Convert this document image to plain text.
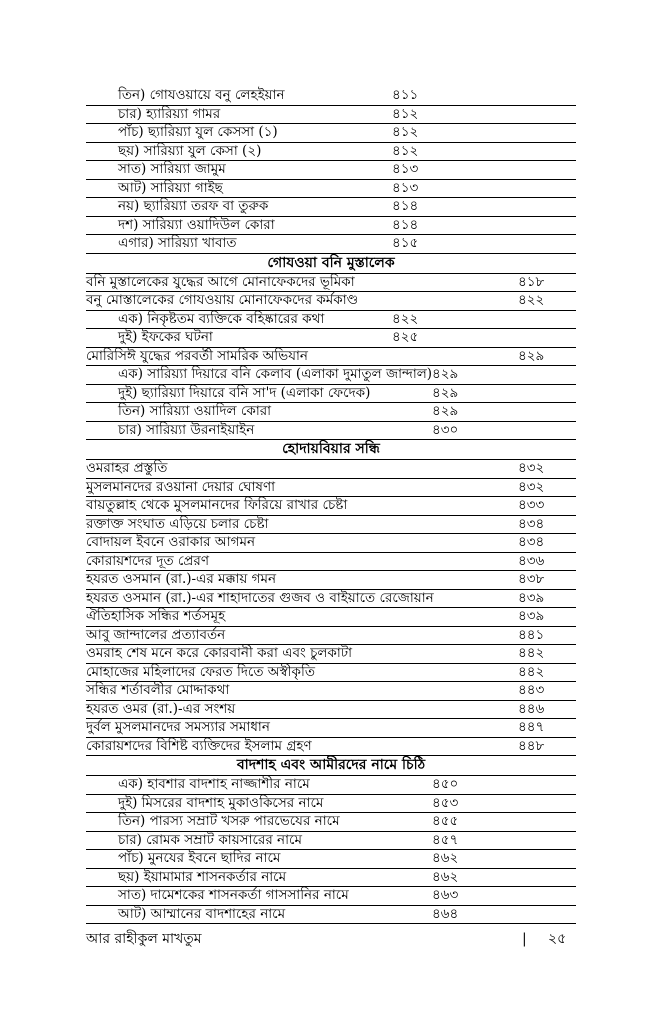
তিন) গোযওয়ায়ে বনু লেহইয়ান	৪১১
চার) হ্যারিয়্যা গামর	৪১২
পাঁচ) ছ্যারিয়্যা যুল কেসসা (১)	৪১২
ছয়) সারিয়্যা যুল কেসা (২)	৪১২
সাত) সারিয়্যা জামুম	৪১৩
আট) সারিয়্যা গাইছ	৪১৩
নয়) ছ্যারিয়্যা তরফ বা তুরুক	৪১৪
দশ) সারিয়্যা ওয়াদিউল কোরা	৪১৪
এগার) সারিয়্যা খাবাত	৪১৫
গোযওয়া বনি মুস্তালেক
বনি মুস্তালেকের যুদ্ধের আগে মোনাফেকদের ভূমিকা	৪১৮
বনু মোস্তালেকের গোযওয়ায় মোনাফেকদের কর্মকাণ্ড	৪২২
এক) নিকৃষ্টতম ব্যক্তিকে বহিষ্কারের কথা	৪২২
দুই) ইফকের ঘটনা	৪২৫
মোরিসিঈ যুদ্ধের পরবর্তী সামরিক অভিযান	৪২৯
এক) সারিয়্যা দিয়ারে বনি কেলাব (এলাকা দুমাতুল জান্দাল) ৪২৯
দুই) ছ্যারিয়্যা দিয়ারে বনি সা'দ (এলাকা ফেদেক)	৪২৯
তিন) সারিয়্যা ওয়াদিল কোরা	৪২৯
চার) সারিয়্যা উরনাইয়াইন	৪৩০
হোদায়বিয়ার সন্ধি
ওমরাহর প্রস্তুতি	৪৩২
মুসলমানদের রওয়ানা দেয়ার ঘোষণা	৪৩২
বায়তুল্লাহ থেকে মুসলমানদের ফিরিয়ে রাখার চেষ্টা	৪৩৩
রক্তাক্ত সংঘাত এড়িয়ে চলার চেষ্টা	৪৩৪
বোদায়ল ইবনে ওরাকার আগমন	৪৩৪
কোরায়শদের দূত প্রেরণ	৪৩৬
হযরত ওসমান (রা.)-এর মক্কায় গমন	৪৩৮
হযরত ওসমান (রা.)-এর শাহাদাতের গুজব ও বাইয়াতে রেজোয়ান	৪৩৯
ঐতিহাসিক সন্ধির শর্তসমূহ	৪৩৯
আবু জান্দালের প্রত্যাবর্তন	৪৪১
ওমরাহ শেষ মনে করে কোরবানী করা এবং চুলকাটা	৪৪২
মোহাজের মহিলাদের ফেরত দিতে অস্বীকৃতি	৪৪২
সন্ধির শর্তাবলীর মোদ্দাকথা	৪৪৩
হযরত ওমর (রা.)-এর সংশয়	৪৪৬
দুর্বল মুসলমানদের সমস্যার সমাধান	৪৪৭
কোরায়শদের বিশিষ্ট ব্যক্তিদের ইসলাম গ্রহণ	৪৪৮
বাদশাহ এবং আমীরদের নামে চিঠি
এক) হাবশার বাদশাহ নাজ্জাশীর নামে	৪৫০
দুই) মিসরের বাদশাহ মুকাওকিসের নামে	৪৫৩
তিন) পারস্য সম্রাট খসরু পারভেযের নামে	৪৫৫
চার) রোমক সম্রাট কায়সারের নামে	৪৫৭
পাঁচ) মুনযের ইবনে ছাদির নামে	৪৬২
ছয়) ইয়ামামার শাসনকর্তার নামে	৪৬২
সাত) দামেশকের শাসনকর্তা গাসসানির নামে	৪৬৩
আট) আম্মানের বাদশাহের নামে	৪৬৪
আর রাহীকুল মাখতুম	| ২৫
